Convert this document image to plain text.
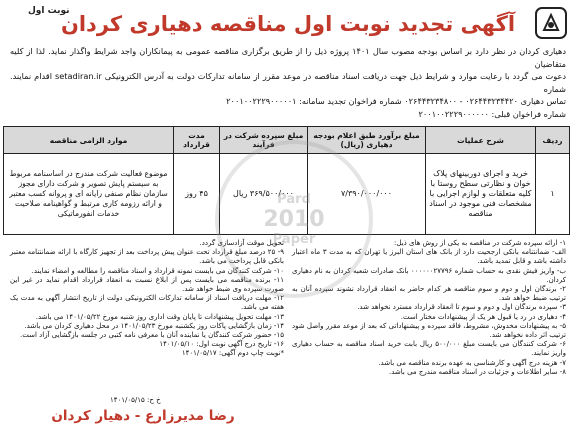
آگهی تجدید نوبت اول مناقصه دهیاری کردان
نوبت اول

دهیاری کردان در نظر دارد بر اساس بودجه مصوب سال ۱۴۰۱ پروژه ذیل را از طریق برگزاری مناقصه عمومی به پیمانکاران واجد شرایط واگذار نماید. لذا از کلیه متقاضیان

دعوت می گردد با رعایت موارد و شرایط ذیل جهت دریافت اسناد مناقصه در موعد مقرر از سامانه تدارکات دولت به آدرس الکترونیکی setadiran.ir اقدام نمایند. شماره

تماس دهیاری ۰۲۶۴۴۳۲۳۴۴۲۰ - ۰۲۶۴۴۳۲۳۴۸۰۰ شماره فراخوان تجدید سامانه: ۲۰۰۱۰۰۲۲۲۹۰۰۰۰۰۱

شماره فراخوان قبلی: ۲۰۰۱۰۰۲۲۲۹۰۰۰۰۰۰

ردیف	شرح عملیات	مبلغ برآورد طبق اعلام بودجه دهیاری (ریال)	مبلغ سپرده شرکت در فرآیند	مدت قرارداد	موارد الزامی مناقصه
۱	خرید و اجرای دوربینهای پلاک خوان و نظارتی سطح روستا با کلیه متعلقات و لوازم اجرایی با مشخصات فنی موجود در اسناد مناقصه	۷/۳۹۰/۰۰۰/۰۰۰	۳۶۹/۵۰۰/۰۰۰ ریال	۴۵ روز	موضوع فعالیت شرکت مندرج در اساسنامه مربوط به سیستم پایش تصویر و شرکت دارای مجوز سازمان نظام صنفی رایانه ای و پروانه کسب معتبر و ارائه رزومه کاری مرتبط و گواهینامه صلاحیت خدمات انفورماتیکی

۱- ارائه سپرده شرکت در مناقصه به یکی از روش های ذیل:

الف- ضمانتنامه بانکی ارجحیت دارد از بانک های استان البرز یا تهران که به مدت ۳ ماه اعتبار داشته باشد و قابل تمدید باشد.

ب- واریز فیش نقدی به حساب شماره ۰۰۰۰۰۰۲۷۷۹۶ بانک صادرات شعبه کردان به نام دهیاری کردان.

۲- برندگان اول و دوم و سوم مناقصه هر کدام حاضر به انعقاد قرارداد نشوند سپرده آنان به ترتیب ضبط خواهد شد.

۳- سپرده برندگان اول و دوم و سوم تا انعقاد قرارداد مسترد نخواهد شد.

۴- دهیاری در رد یا قبول هر یک از پیشنهادات مختار است.

۵- به پیشنهادات مخدوش، مشروط، فاقد سپرده و پیشنهاداتی که بعد از موعد مقرر واصل شود ترتیب اثر داده نخواهد شد.

۶- شرکت کنندگان می بایست مبلغ ۵۰۰/۰۰۰ ریال بابت خرید اسناد مناقصه به حساب دهیاری واریز نمایند.

۷- هزینه درج آگهی و کارشناسی به عهده برنده مناقصه می باشد.

۸- سایر اطلاعات و جزئیات در اسناد مناقصه مندرج می باشد.

تحویل موقت آزادسازی گردد.

۹- ۲۵ درصد مبلغ قرارداد تحت عنوان پیش پرداخت بعد از تجهیز کارگاه با ارائه ضمانتنامه معتبر بانکی قابل پرداخت می باشد.

۱۰- شرکت کنندگان می بایست نمونه قرارداد و اسناد مناقصه را مطالعه و امضاء نمایند.

۱۱- برنده مناقصه می بایست پس از ابلاغ نسبت به انعقاد قرارداد اقدام نماید در غیر این صورت سپرده وی ضبط خواهد شد.

۱۲- مهلت دریافت اسناد از سامانه تدارکات الکترونیکی دولت از تاریخ انتشار آگهی به مدت یک هفته می باشد.

۱۳- مهلت تحویل پیشنهادات تا پایان وقت اداری روز شنبه مورخ ۱۴۰۱/۰۵/۲۲ می باشد.

۱۴- زمان بازگشایی پاکات روز یکشنبه مورخ ۱۴۰۱/۰۵/۲۳ در محل دهیاری کردان می باشد.

۱۵- حضور شرکت کنندگان یا نماینده آنان با معرفی نامه کتبی در جلسه بازگشایی آزاد است.

۱۶- تاریخ درج آگهی نوبت اول: ۱۴۰۱/۰۵/۱۰

*نوبت چاپ دوم آگهی: ۱۴۰۱/۰۵/۱۷

Pard
2010
Paper
خ ح: ۱۴۰۱/۰۵/۱۵
رضا مدیرزارع - دهیار کردان
